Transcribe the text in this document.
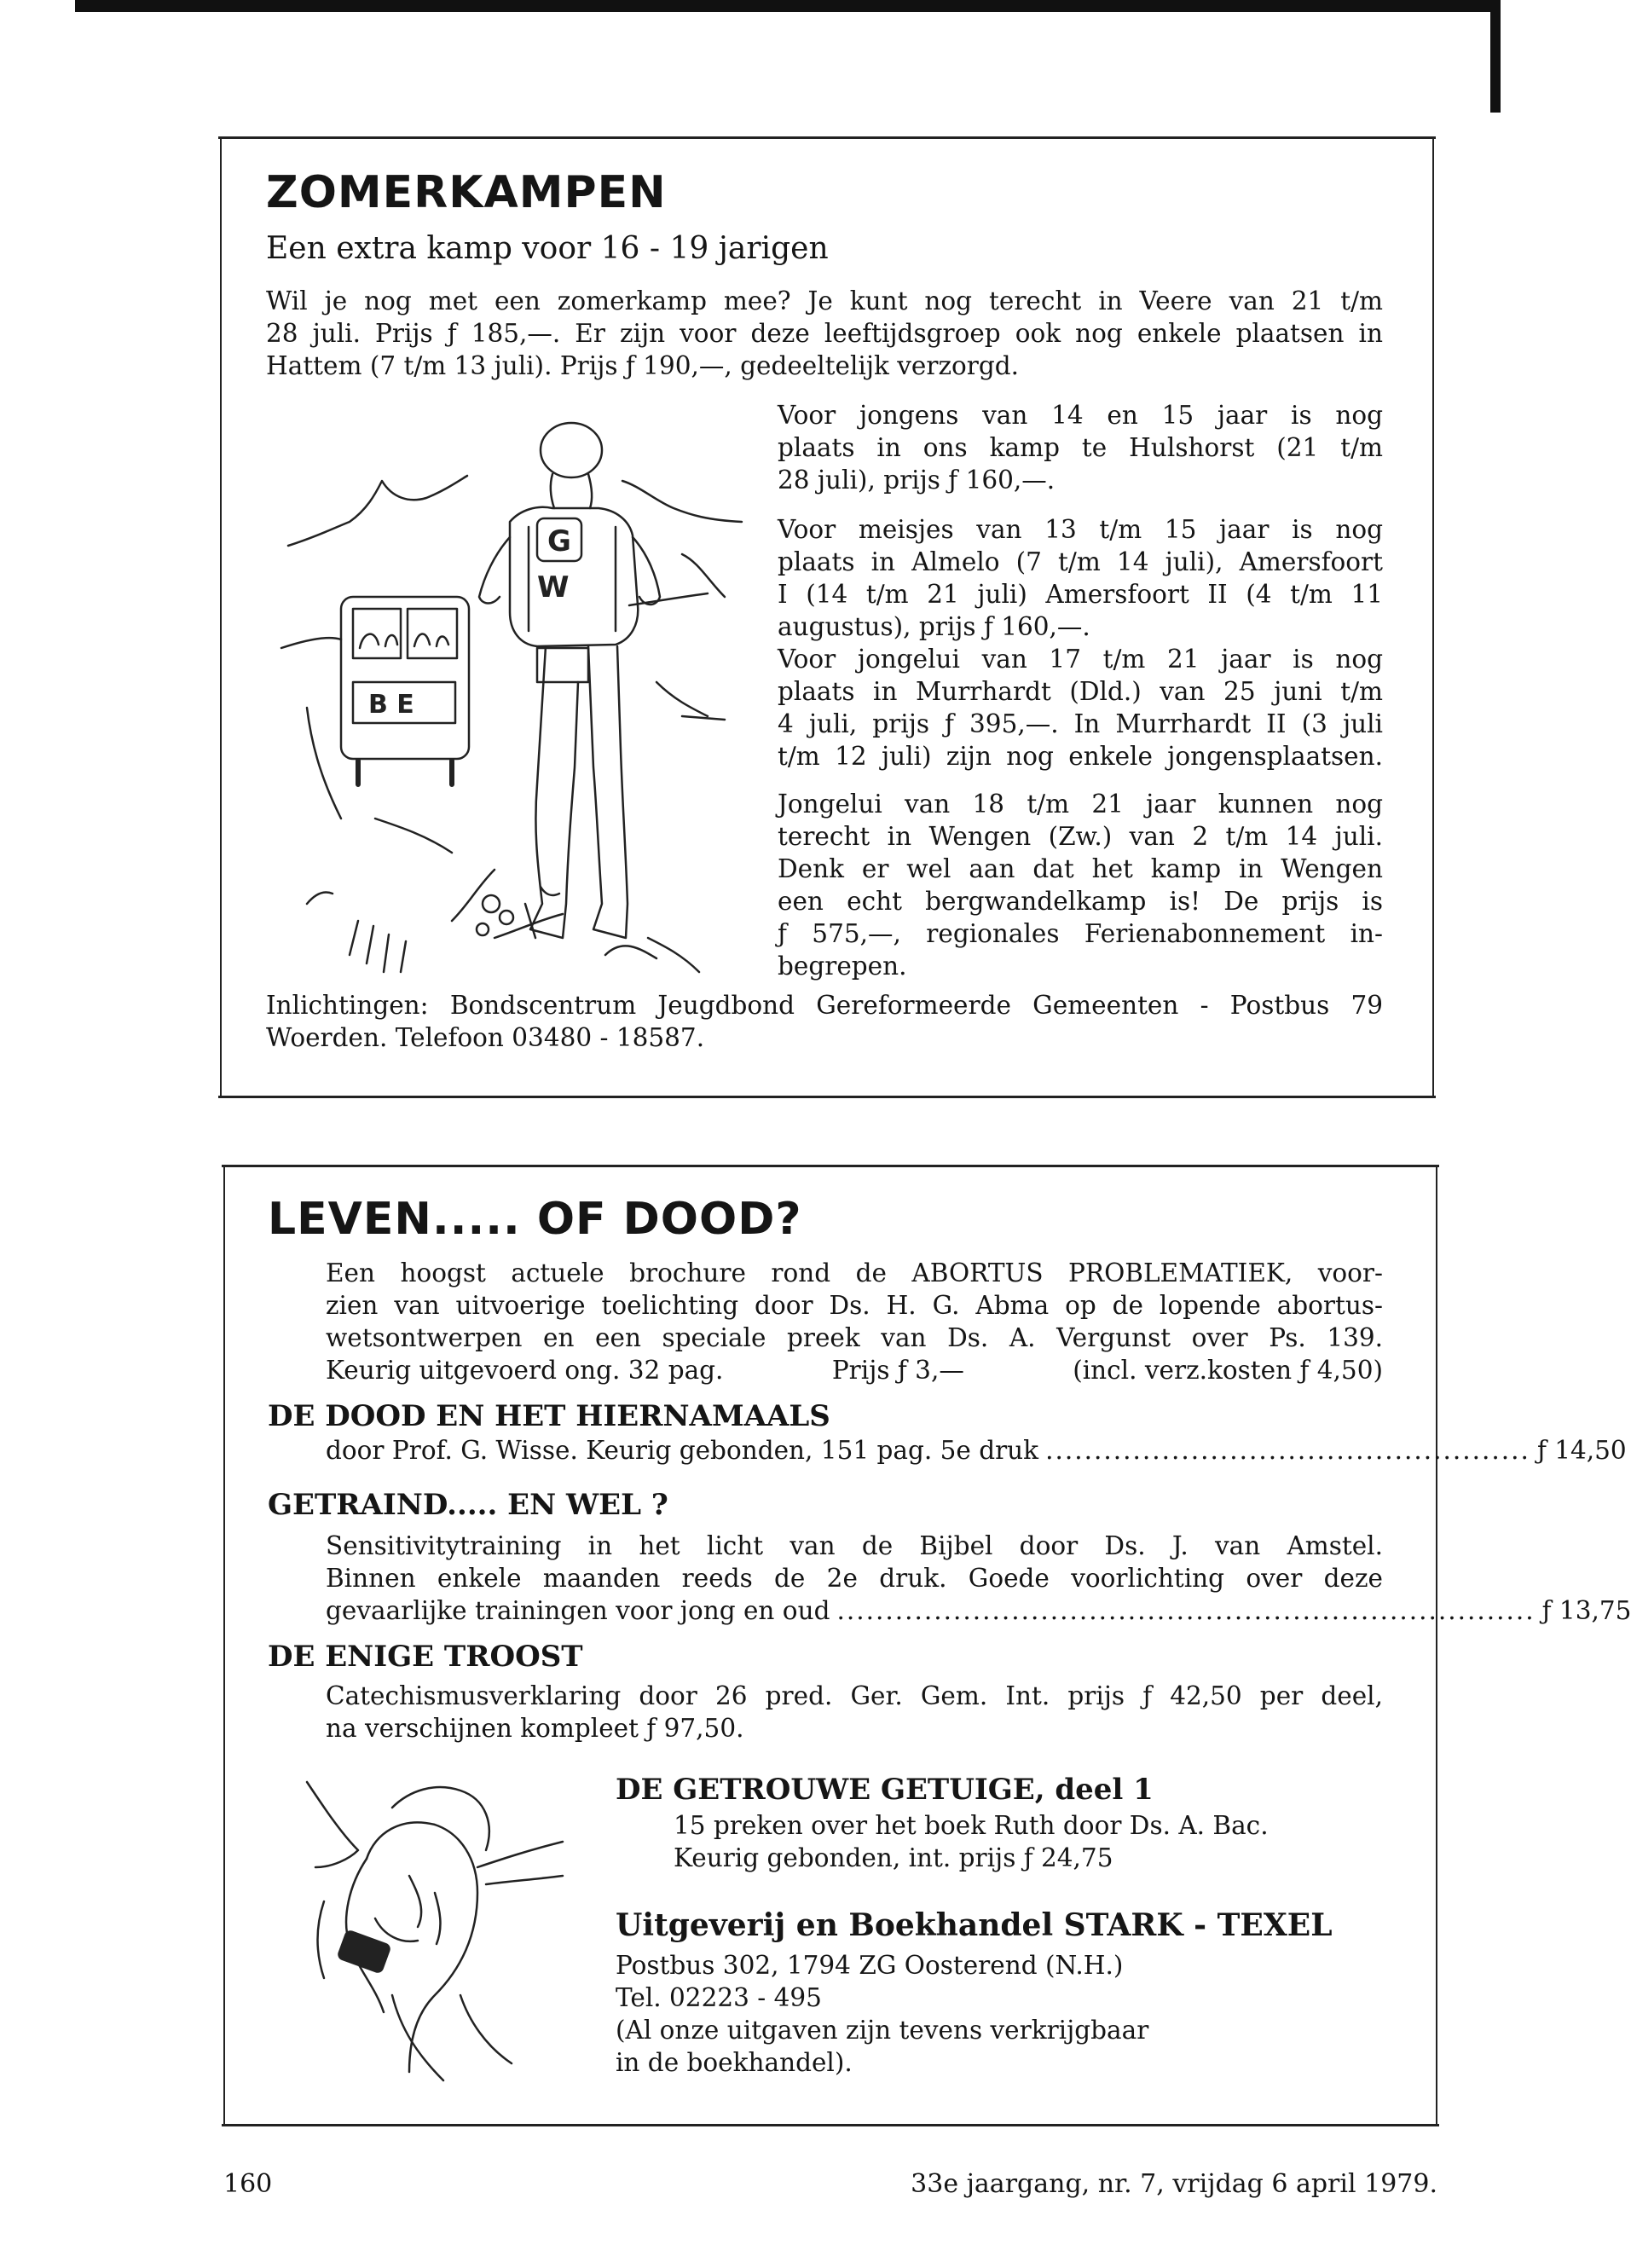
ZOMERKAMPEN
Een extra kamp voor 16 - 19 jarigen
Wil je nog met een zomerkamp mee? Je kunt nog terecht in Veere van 21 t/m
28 juli. Prijs ƒ 185,—. Er zijn voor deze leeftijdsgroep ook nog enkele plaatsen in
Hattem (7 t/m 13 juli). Prijs ƒ 190,—, gedeeltelijk verzorgd.
Voor jongens van 14 en 15 jaar is nog
plaats in ons kamp te Hulshorst (21 t/m
28 juli), prijs ƒ 160,—.
Voor meisjes van 13 t/m 15 jaar is nog
plaats in Almelo (7 t/m 14 juli), Amersfoort
I (14 t/m 21 juli) Amersfoort II (4 t/m 11
augustus), prijs ƒ 160,—.
Voor jongelui van 17 t/m 21 jaar is nog
plaats in Murrhardt (Dld.) van 25 juni t/m
4 juli, prijs ƒ 395,—. In Murrhardt II (3 juli
t/m 12 juli) zijn nog enkele jongensplaatsen.
Jongelui van 18 t/m 21 jaar kunnen nog
terecht in Wengen (Zw.) van 2 t/m 14 juli.
Denk er wel aan dat het kamp in Wengen
een echt bergwandelkamp is! De prijs is
ƒ 575,—, regionales Ferienabonnement in-
begrepen.
Inlichtingen: Bondscentrum Jeugdbond Gereformeerde Gemeenten - Postbus 79
Woerden. Telefoon 03480 - 18587.
B E
G
W
LEVEN..... OF DOOD?
Een hoogst actuele brochure rond de ABORTUS PROBLEMATIEK, voor-
zien van uitvoerige toelichting door Ds. H. G. Abma op de lopende abortus-
wetsontwerpen en een speciale preek van Ds. A. Vergunst over Ps. 139.
Keurig uitgevoerd ong. 32 pag.	Prijs ƒ 3,—	(incl. verz.kosten ƒ 4,50)
DE DOOD EN HET HIERNAMAALS
door Prof. G. Wisse. Keurig gebonden, 151 pag. 5e druk .................................................. ƒ 14,50
GETRAIND..... EN WEL ?
Sensitivitytraining in het licht van de Bijbel door Ds. J. van Amstel.
Binnen enkele maanden reeds de 2e druk. Goede voorlichting over deze
gevaarlijke trainingen voor jong en oud ........................................................................ ƒ 13,75
DE ENIGE TROOST
Catechismusverklaring door 26 pred. Ger. Gem. Int. prijs ƒ 42,50 per deel,
na verschijnen kompleet ƒ 97,50.
DE GETROUWE GETUIGE, deel 1
15 preken over het boek Ruth door Ds. A. Bac.
Keurig gebonden, int. prijs ƒ 24,75
Uitgeverij en Boekhandel STARK - TEXEL
Postbus 302, 1794 ZG Oosterend (N.H.)
Tel. 02223 - 495
(Al onze uitgaven zijn tevens verkrijgbaar
in de boekhandel).
160	33e jaargang, nr. 7, vrijdag 6 april 1979.
